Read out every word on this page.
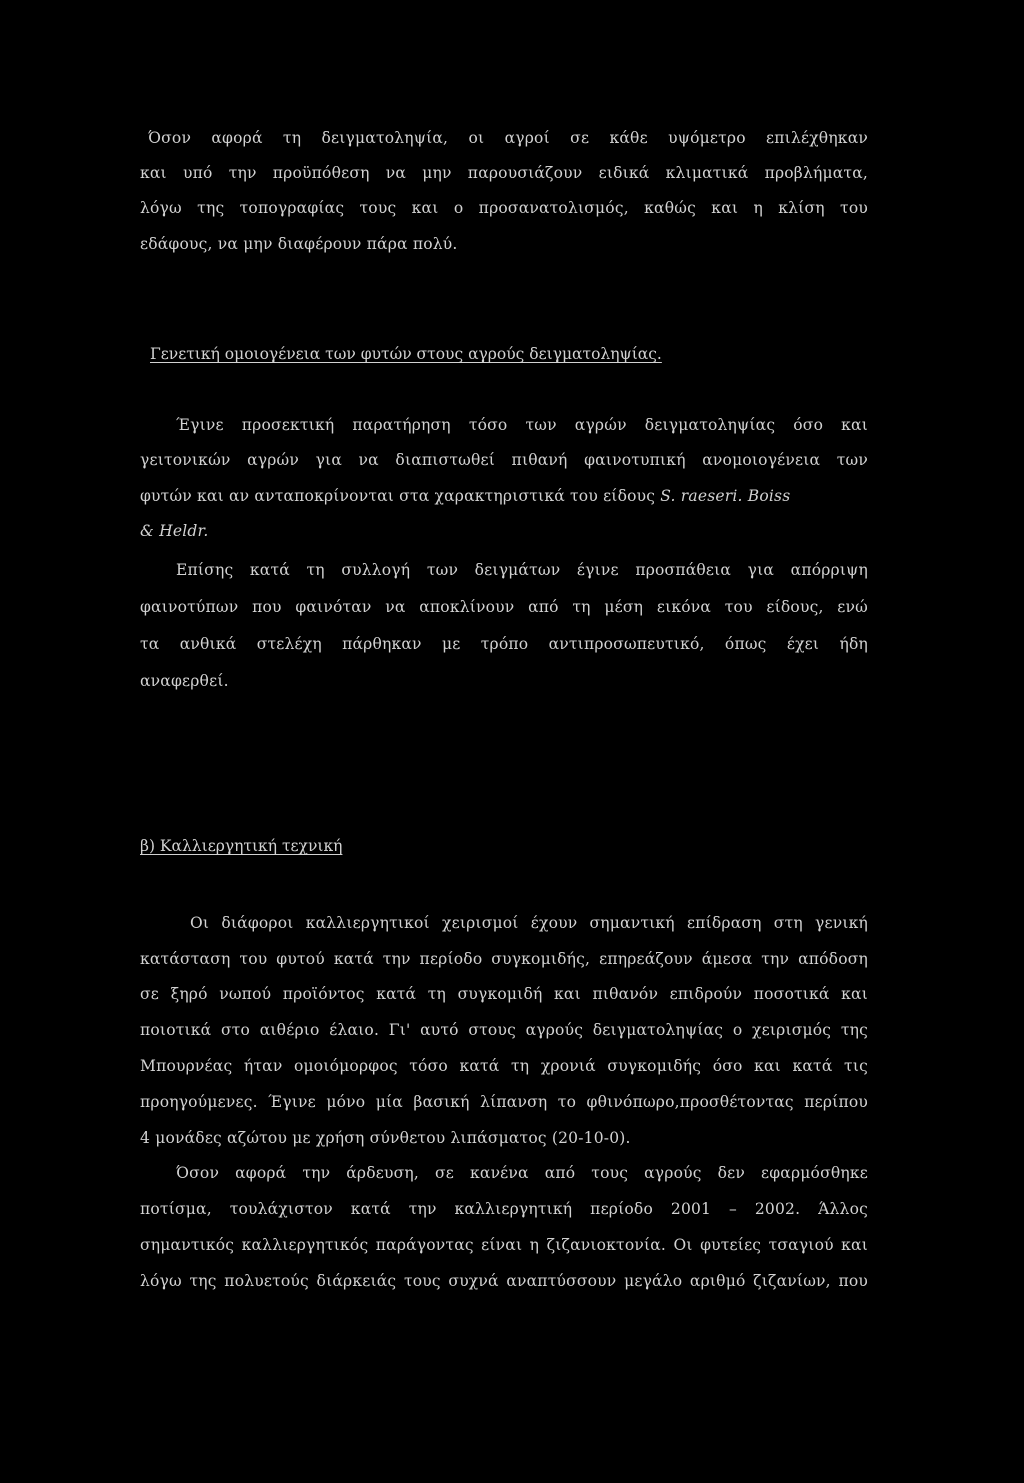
Όσον αφορά τη δειγματοληψία, οι αγροί σε κάθε υψόμετρο επιλέχθηκαν
και υπό την προϋπόθεση να μην παρουσιάζουν ειδικά κλιματικά προβλήματα,
λόγω της τοπογραφίας τους και ο προσανατολισμός, καθώς και η κλίση του
εδάφους, να μην διαφέρουν πάρα πολύ.
Γενετική ομοιογένεια των φυτών στους αγρούς δειγματοληψίας.
Έγινε προσεκτική παρατήρηση τόσο των αγρών δειγματοληψίας όσο και
γειτονικών αγρών για να διαπιστωθεί πιθανή φαινοτυπική ανομοιογένεια των
φυτών και αν ανταποκρίνονται στα χαρακτηριστικά του είδους S. raeseri. Boiss
& Heldr.
Επίσης κατά τη συλλογή των δειγμάτων έγινε προσπάθεια για απόρριψη
φαινοτύπων που φαινόταν να αποκλίνουν από τη μέση εικόνα του είδους, ενώ
τα ανθικά στελέχη πάρθηκαν με τρόπο αντιπροσωπευτικό, όπως έχει ήδη
αναφερθεί.
β) Καλλιεργητική τεχνική
Οι διάφοροι καλλιεργητικοί χειρισμοί έχουν σημαντική επίδραση στη γενική
κατάσταση του φυτού κατά την περίοδο συγκομιδής, επηρεάζουν άμεσα την απόδοση
σε ξηρό νωπού προϊόντος κατά τη συγκομιδή και πιθανόν επιδρούν ποσοτικά και
ποιοτικά στο αιθέριο έλαιο. Γι' αυτό στους αγρούς δειγματοληψίας ο χειρισμός της
Μπουρνέας ήταν ομοιόμορφος τόσο κατά τη χρονιά συγκομιδής όσο και κατά τις
προηγούμενες. Έγινε μόνο μία βασική λίπανση το φθινόπωρο,προσθέτοντας περίπου
4 μονάδες αζώτου με χρήση σύνθετου λιπάσματος (20-10-0).
Όσον αφορά την άρδευση, σε κανένα από τους αγρούς δεν εφαρμόσθηκε
ποτίσμα, τουλάχιστον κατά την καλλιεργητική περίοδο 2001 – 2002. Άλλος
σημαντικός καλλιεργητικός παράγοντας είναι η ζιζανιοκτονία. Οι φυτείες τσαγιού και
λόγω της πολυετούς διάρκειάς τους συχνά αναπτύσσουν μεγάλο αριθμό ζιζανίων, που
